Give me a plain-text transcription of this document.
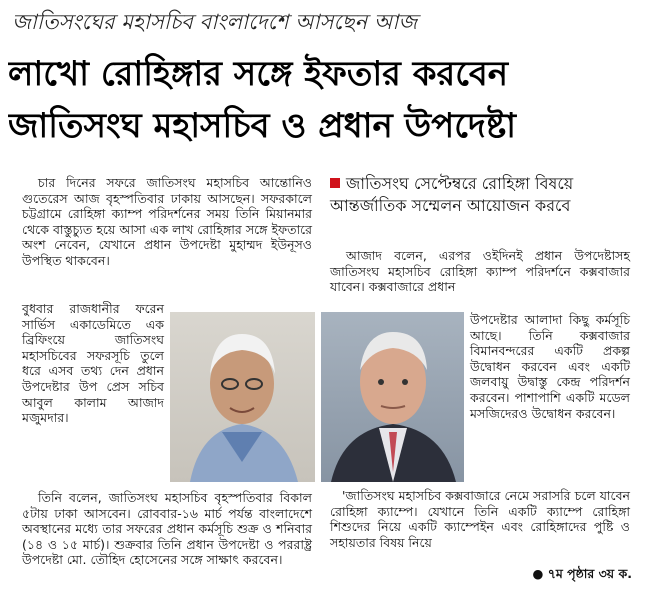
জাতিসংঘের মহাসচিব বাংলাদেশে আসছেন আজ
লাখো রোহিঙ্গার সঙ্গে ইফতার করবেন
জাতিসংঘ মহাসচিব ও প্রধান উপদেষ্টা

চার দিনের সফরে জাতিসংঘ মহাসচিব আন্তোনিও গুতেরেস আজ বৃহস্পতিবার ঢাকায় আসছেন। সফরকালে চট্টগ্রামে রোহিঙ্গা ক্যাম্প পরিদর্শনের সময় তিনি মিয়ানমার থেকে বাস্তুচ্যুত হয়ে আসা এক লাখ রোহিঙ্গার সঙ্গে ইফতারে অংশ নেবেন, যেখানে প্রধান উপদেষ্টা মুহাম্মদ ইউনূসও উপস্থিত থাকবেন।

বুধবার রাজধানীর ফরেন সার্ভিস একাডেমিতে এক ব্রিফিংয়ে জাতিসংঘ মহাসচিবের সফরসূচি তুলে ধরে এসব তথ্য দেন প্রধান উপদেষ্টার উপ প্রেস সচিব আবুল কালাম আজাদ মজুমদার।

তিনি বলেন, জাতিসংঘ মহাসচিব বৃহস্পতিবার বিকাল ৫টায় ঢাকা আসবেন। রোববার-১৬ মার্চ পর্যন্ত বাংলাদেশে অবস্থানের মধ্যে তার সফরের প্রধান কর্মসূচি শুক্র ও শনিবার (১৪ ও ১৫ মার্চ)। শুক্রবার তিনি প্রধান উপদেষ্টা ও পররাষ্ট্র উপদেষ্টা মো. তৌহিদ হোসেনের সঙ্গে সাক্ষাৎ করবেন।

জাতিসংঘ সেপ্টেম্বরে রোহিঙ্গা বিষয়ে আন্তর্জাতিক সম্মেলন আয়োজন করবে

আজাদ বলেন, এরপর ওইদিনই প্রধান উপদেষ্টাসহ জাতিসংঘ মহাসচিব রোহিঙ্গা ক্যাম্প পরিদর্শনে কক্সবাজার যাবেন। কক্সবাজারে প্রধান

উপদেষ্টার আলাদা কিছু কর্মসূচি আছে। তিনি কক্সবাজার বিমানবন্দরের একটি প্রকল্প উদ্বোধন করবেন এবং একটি জলবায়ু উদ্বাস্তু কেন্দ্র পরিদর্শন করবেন। পাশাপাশি একটি মডেল মসজিদেরও উদ্বোধন করবেন।

'জাতিসংঘ মহাসচিব কক্সবাজারে নেমে সরাসরি চলে যাবেন রোহিঙ্গা ক্যাম্পে। যেখানে তিনি একটি ক্যাম্পে রোহিঙ্গা শিশুদের নিয়ে একটি ক্যাম্পেইন এবং রোহিঙ্গাদের পুষ্টি ও সহায়তার বিষয় নিয়ে

● ৭ম পৃষ্ঠার ৩য় ক.
